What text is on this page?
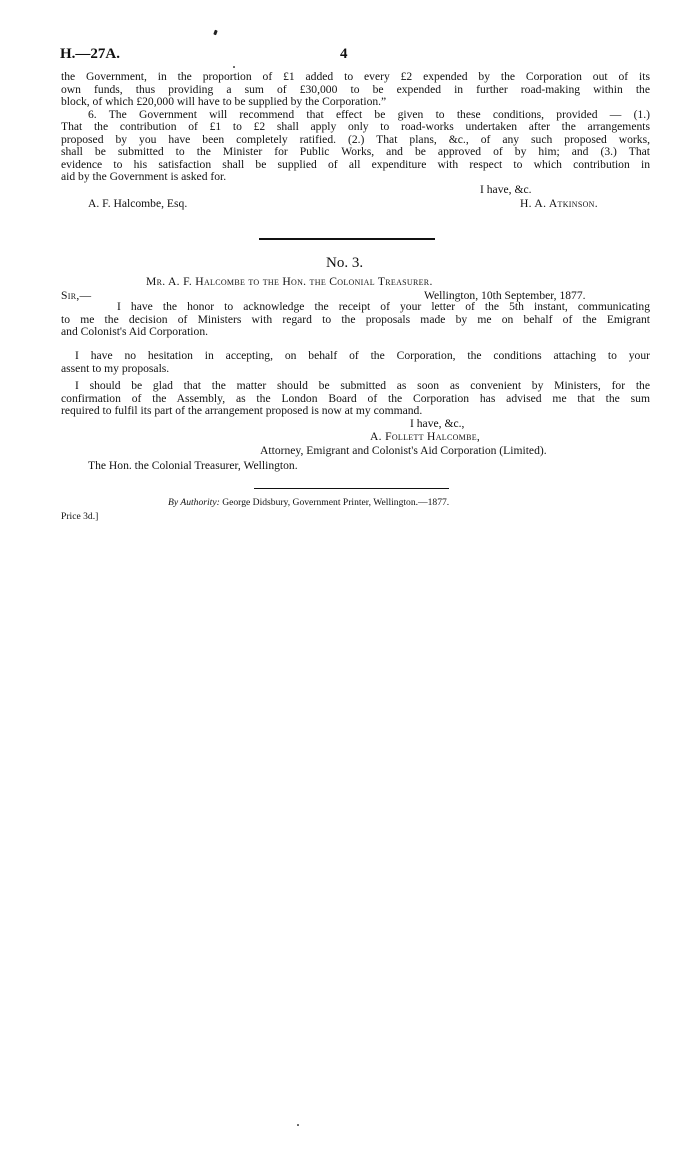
H.—27A.	4
the Government, in the proportion of £1 added to every £2 expended by the Corporation out of its
own funds, thus providing a sum of £30,000 to be expended in further road-making within the
block, of which £20,000 will have to be supplied by the Corporation.”
6. The Government will recommend that effect be given to these conditions, provided — (1.)
That the contribution of £1 to £2 shall apply only to road-works undertaken after the arrangements
proposed by you have been completely ratified. (2.) That plans, &c., of any such proposed works,
shall be submitted to the Minister for Public Works, and be approved of by him; and (3.) That
evidence to his satisfaction shall be supplied of all expenditure with respect to which contribution in
aid by the Government is asked for.
I have, &c.
A. F. Halcombe, Esq.	H. A. Atkinson.
No. 3.
Mr. A. F. Halcombe to the Hon. the Colonial Treasurer.
Sir,—	Wellington, 10th September, 1877.
I have the honor to acknowledge the receipt of your letter of the 5th instant, communicating
to me the decision of Ministers with regard to the proposals made by me on behalf of the Emigrant
and Colonist's Aid Corporation.
I have no hesitation in accepting, on behalf of the Corporation, the conditions attaching to your
assent to my proposals.
I should be glad that the matter should be submitted as soon as convenient by Ministers, for the
confirmation of the Assembly, as the London Board of the Corporation has advised me that the sum
required to fulfil its part of the arrangement proposed is now at my command.
I have, &c.,
A. Follett Halcombe,
Attorney, Emigrant and Colonist's Aid Corporation (Limited).
The Hon. the Colonial Treasurer, Wellington.
By Authority: George Didsbury, Government Printer, Wellington.—1877.
Price 3d.]
